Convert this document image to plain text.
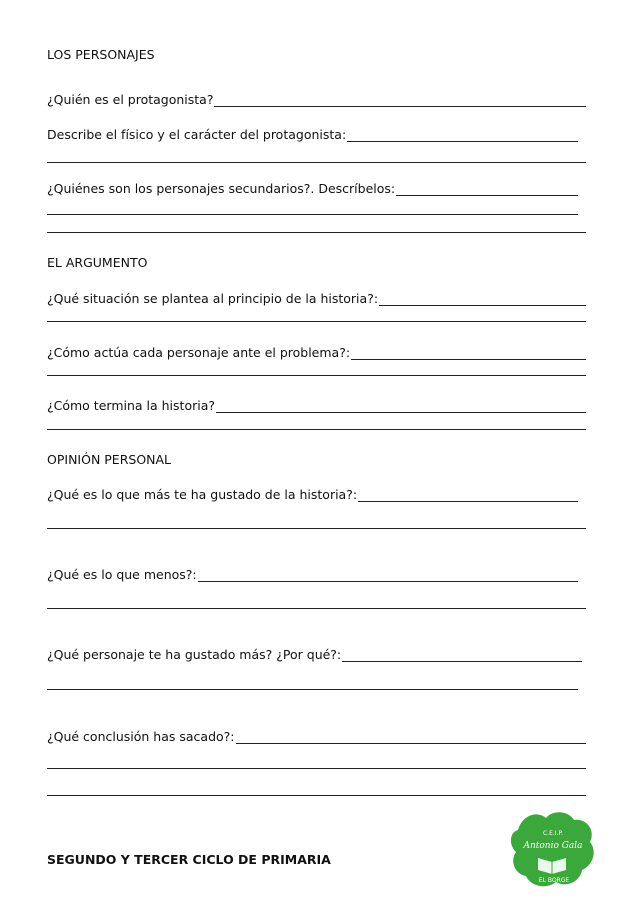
LOS PERSONAJES
¿Quién es el protagonista?
Describe el físico y el carácter del protagonista:
¿Quiénes son los personajes secundarios?. Descríbelos:
EL ARGUMENTO
¿Qué situación se plantea al principio de la historia?:
¿Cómo actúa cada personaje ante el problema?:
¿Cómo termina la historia?
OPINIÓN PERSONAL
¿Qué es lo que más te ha gustado de la historia?:
¿Qué es lo que menos?:
¿Qué personaje te ha gustado más? ¿Por qué?:
¿Qué conclusión has sacado?:
SEGUNDO Y TERCER CICLO DE PRIMARIA
C.E.I.P.
Antonio Gala
EL BORGE
